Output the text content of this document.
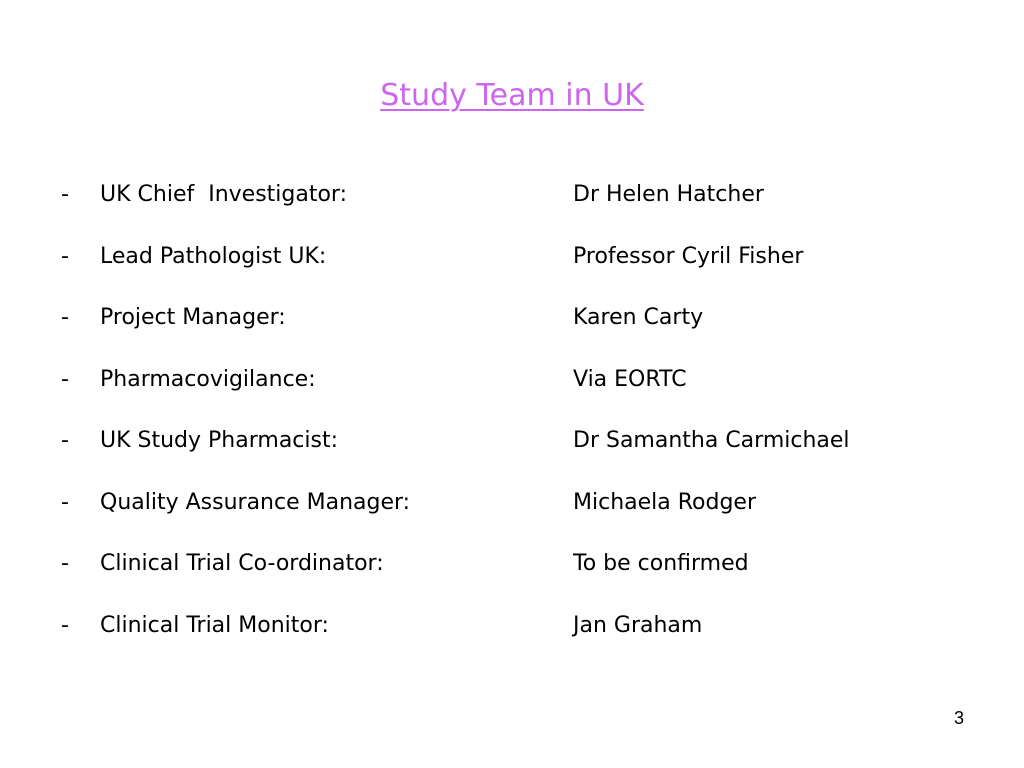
Study Team in UK
- UK Chief  Investigator:	Dr Helen Hatcher
- Lead Pathologist UK:	Professor Cyril Fisher
- Project Manager:	Karen Carty
- Pharmacovigilance:	Via EORTC
- UK Study Pharmacist:	Dr Samantha Carmichael
- Quality Assurance Manager:	Michaela Rodger
- Clinical Trial Co-ordinator:	To be confirmed
- Clinical Trial Monitor:	Jan Graham
3
